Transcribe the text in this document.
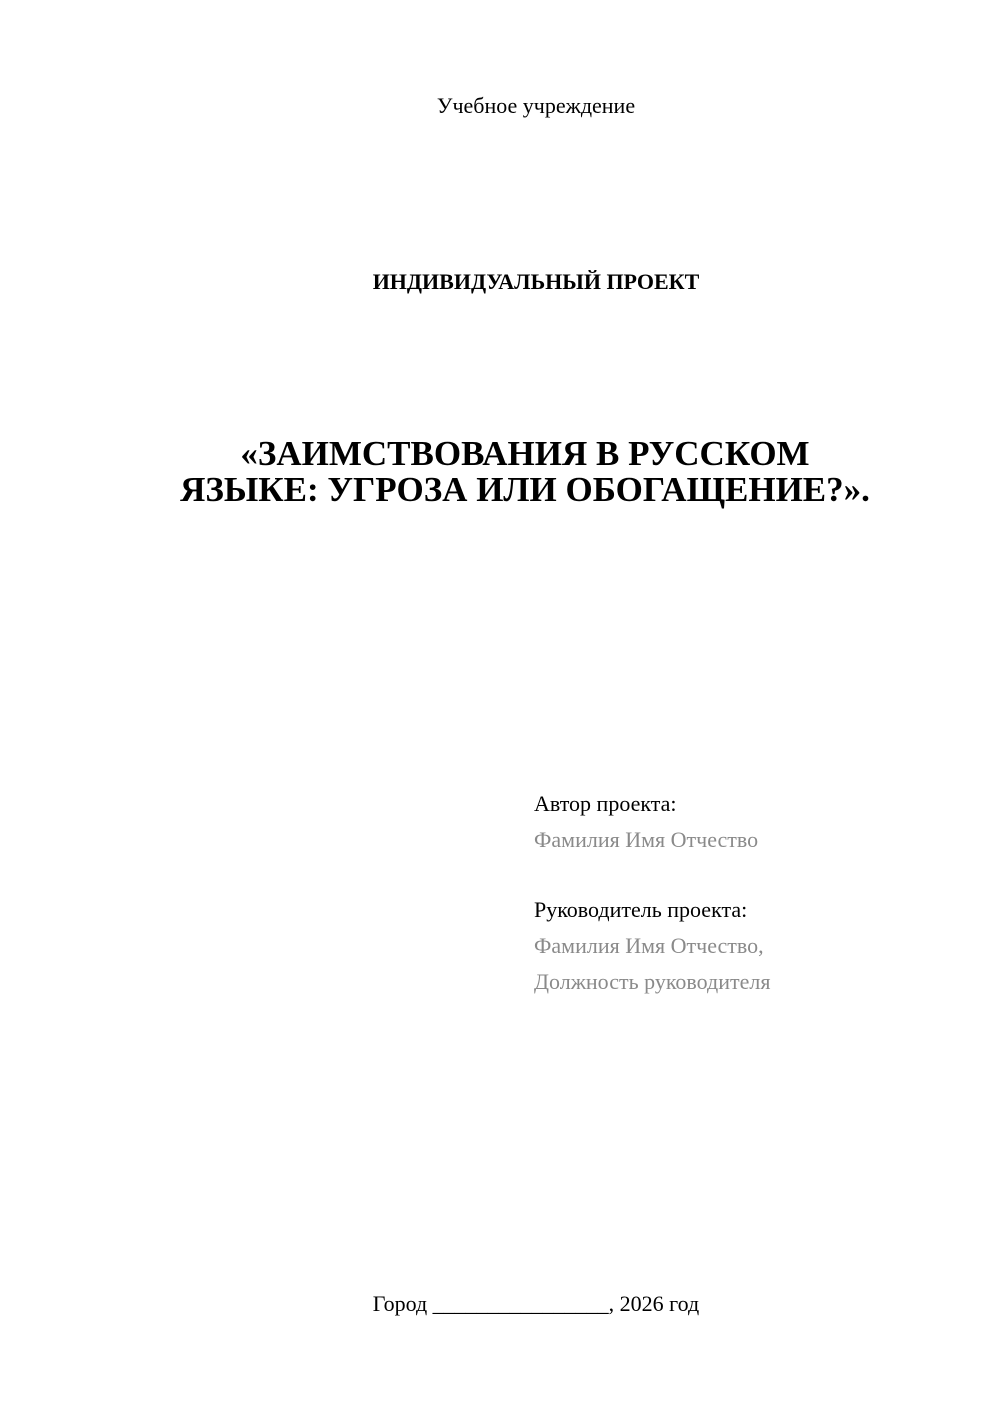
Учебное учреждение
ИНДИВИДУАЛЬНЫЙ ПРОЕКТ
«ЗАИМСТВОВАНИЯ В РУССКОМ
ЯЗЫКЕ: УГРОЗА ИЛИ ОБОГАЩЕНИЕ?».
Автор проекта:
Фамилия Имя Отчество
Руководитель проекта:
Фамилия Имя Отчество,
Должность руководителя
Город ________________, 2026 год
